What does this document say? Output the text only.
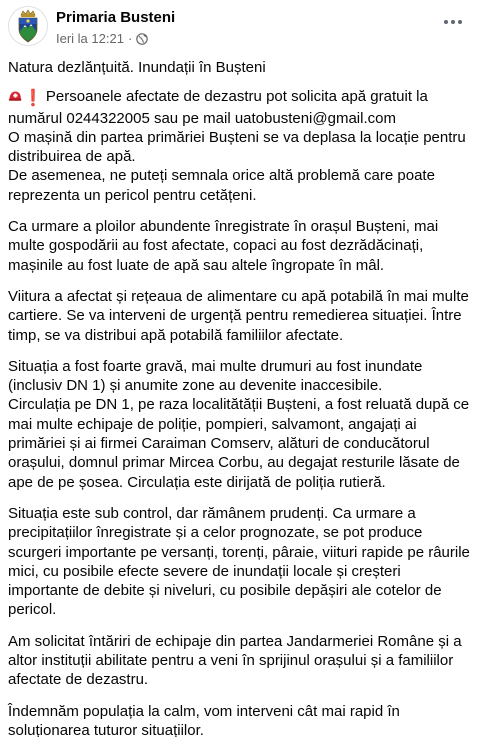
Primaria Busteni
Ieri la 12:21 ·

Natura dezlănțuită. Inundații în Bușteni

❗ Persoanele afectate de dezastru pot solicita apă gratuit la numărul 0244322005 sau pe mail uatobusteni@gmail.com
O mașină din partea primăriei Bușteni se va deplasa la locație pentru distribuirea de apă.
De asemenea, ne puteți semnala orice altă problemă care poate reprezenta un pericol pentru cetățeni.

Ca urmare a ploilor abundente înregistrate în orașul Bușteni, mai multe gospodării au fost afectate, copaci au fost dezrădăcinați, mașinile au fost luate de apă sau altele îngropate în mâl.

Viitura a afectat și rețeaua de alimentare cu apă potabilă în mai multe cartiere. Se va interveni de urgență pentru remedierea situației. Între timp, se va distribui apă potabilă familiilor afectate.

Situația a fost foarte gravă, mai multe drumuri au fost inundate (inclusiv DN 1) și anumite zone au devenite inaccesibile.
Circulația pe DN 1, pe raza localitătății Bușteni, a fost reluată după ce mai multe echipaje de poliție, pompieri, salvamont, angajați ai primăriei și ai firmei Caraiman Comserv, alături de conducătorul orașului, domnul primar Mircea Corbu, au degajat resturile lăsate de ape de pe șosea. Circulația este dirijată de poliția rutieră.

Situația este sub control, dar rămânem prudenți. Ca urmare a precipitațiilor înregistrate și a celor prognozate, se pot produce scurgeri importante pe versanți, torenți, pâraie, viituri rapide pe râurile mici, cu posibile efecte severe de inundații locale și creșteri importante de debite și niveluri, cu posibile depășiri ale cotelor de pericol.

Am solicitat întăriri de echipaje din partea Jandarmeriei Române și a altor instituții abilitate pentru a veni în sprijinul orașului și a familiilor afectate de dezastru.

Îndemnăm populația la calm, vom interveni cât mai rapid în soluționarea tuturor situațiilor.
